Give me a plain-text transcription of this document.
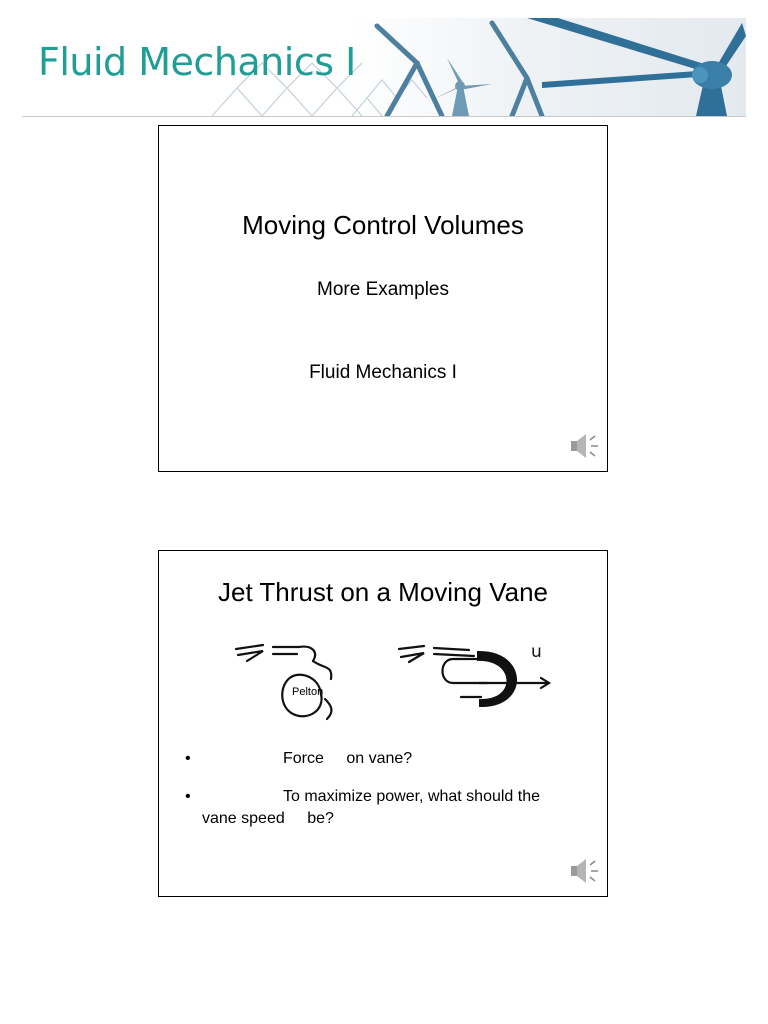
Fluid Mechanics I
Moving Control Volumes
More Examples
Fluid Mechanics I
Jet Thrust on a Moving Vane
u
Pelton
•	Force on vane?
•	To maximize power, what should the
vane speed be?
